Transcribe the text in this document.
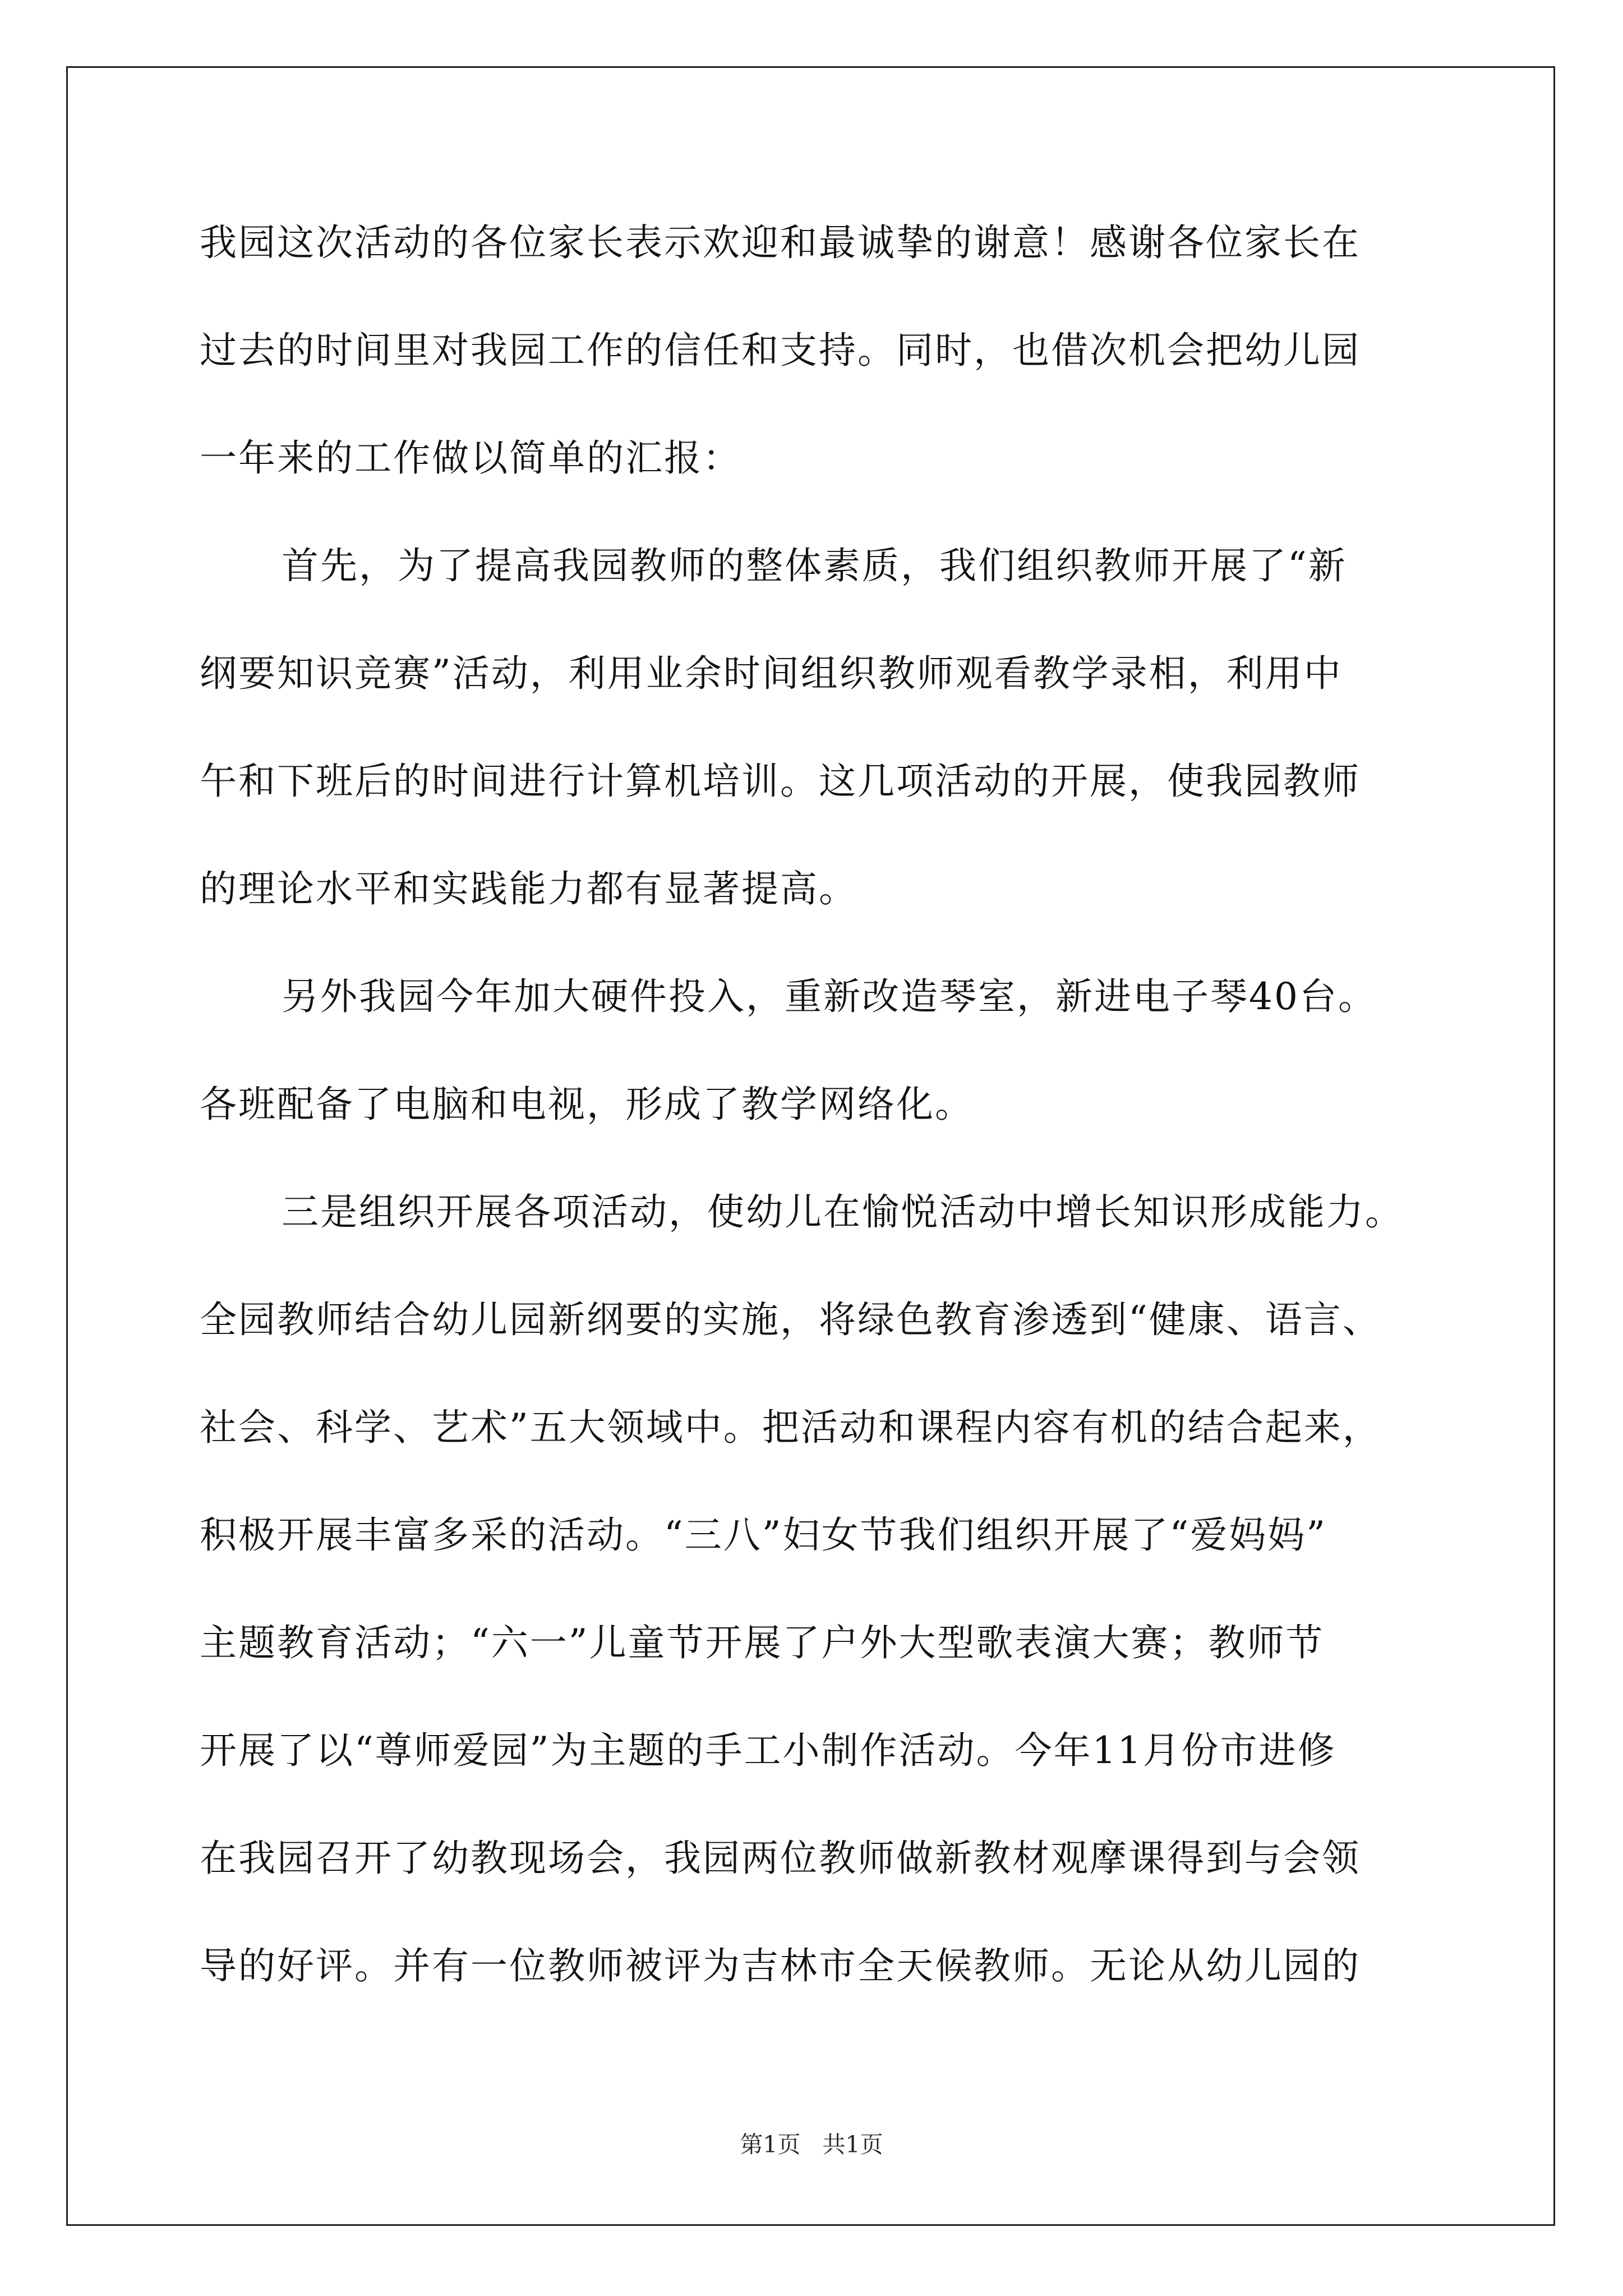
我园这次活动的各位家长表示欢迎和最诚挚的谢意！感谢各位家长在
过去的时间里对我园工作的信任和支持。同时，也借次机会把幼儿园
一年来的工作做以简单的汇报：
首先，为了提高我园教师的整体素质，我们组织教师开展了“新
纲要知识竞赛”活动，利用业余时间组织教师观看教学录相，利用中
午和下班后的时间进行计算机培训。这几项活动的开展，使我园教师
的理论水平和实践能力都有显著提高。
另外我园今年加大硬件投入，重新改造琴室，新进电子琴40台。
各班配备了电脑和电视，形成了教学网络化。
三是组织开展各项活动，使幼儿在愉悦活动中增长知识形成能力。
全园教师结合幼儿园新纲要的实施，将绿色教育渗透到“健康、语言、
社会、科学、艺术”五大领域中。把活动和课程内容有机的结合起来，
积极开展丰富多采的活动。“三八”妇女节我们组织开展了“爱妈妈”
主题教育活动；“六一”儿童节开展了户外大型歌表演大赛；教师节
开展了以“尊师爱园”为主题的手工小制作活动。今年11月份市进修
在我园召开了幼教现场会，我园两位教师做新教材观摩课得到与会领
导的好评。并有一位教师被评为吉林市全天候教师。无论从幼儿园的
第1页   共1页
